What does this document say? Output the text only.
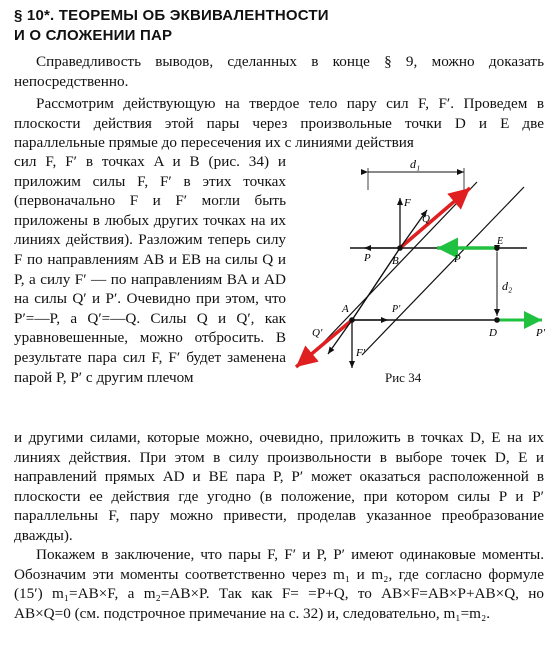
§ 10*. ТЕОРЕМЫ ОБ ЭКВИВАЛЕНТНОСТИ
И О СЛОЖЕНИИ ПАР

Справедливость выводов, сделанных в конце § 9, можно доказать непосредственно.

Рассмотрим действующую на твердое тело пару сил F, F′. Проведем в плоскости действия этой пары через произвольные точки D и E две параллельные прямые до пересечения их с линиями действия

сил F, F′ в точках A и B (рис. 34) и приложим силы F, F′ в этих точках (первоначально F и F′ могли быть приложены в любых других точках на их линиях действия). Разложим теперь силу F по направлениям AB и EB на силы Q и P, а силу F′ — по направлениям BA и AD на силы Q′ и P′. Очевидно при этом, что P′=—P, а Q′=—Q. Силы Q и Q′, как уравновешенные, можно отбросить. В результате пара сил F, F′ будет заменена парой P, P′ с другим плечом

и другими силами, которые можно, очевидно, приложить в точках D, E на их линиях действия. При этом в силу произвольности в выборе точек D, E и направлений прямых AD и BE пара P, P′ может оказаться расположенной в плоскости ее действия где угодно (в положение, при котором силы P и P′ параллельны F, пару можно привести, проделав указанное преобразование дважды).

Покажем в заключение, что пары F, F′ и P, P′ имеют одинаковые моменты. Обозначим эти моменты соответственно через m₁ и m₂, где согласно формуле (15′) m₁=AB×F, а m₂=AB×P. Так как F= =P+Q, то AB×F=AB×P+AB×Q, но AB×Q=0 (см. подстрочное примечание на с. 32) и, следовательно, m₁=m₂.

d₁
d₂
F
Q
P B
E
P
A	P′
D	P′
Q′
F′
Рис 34
